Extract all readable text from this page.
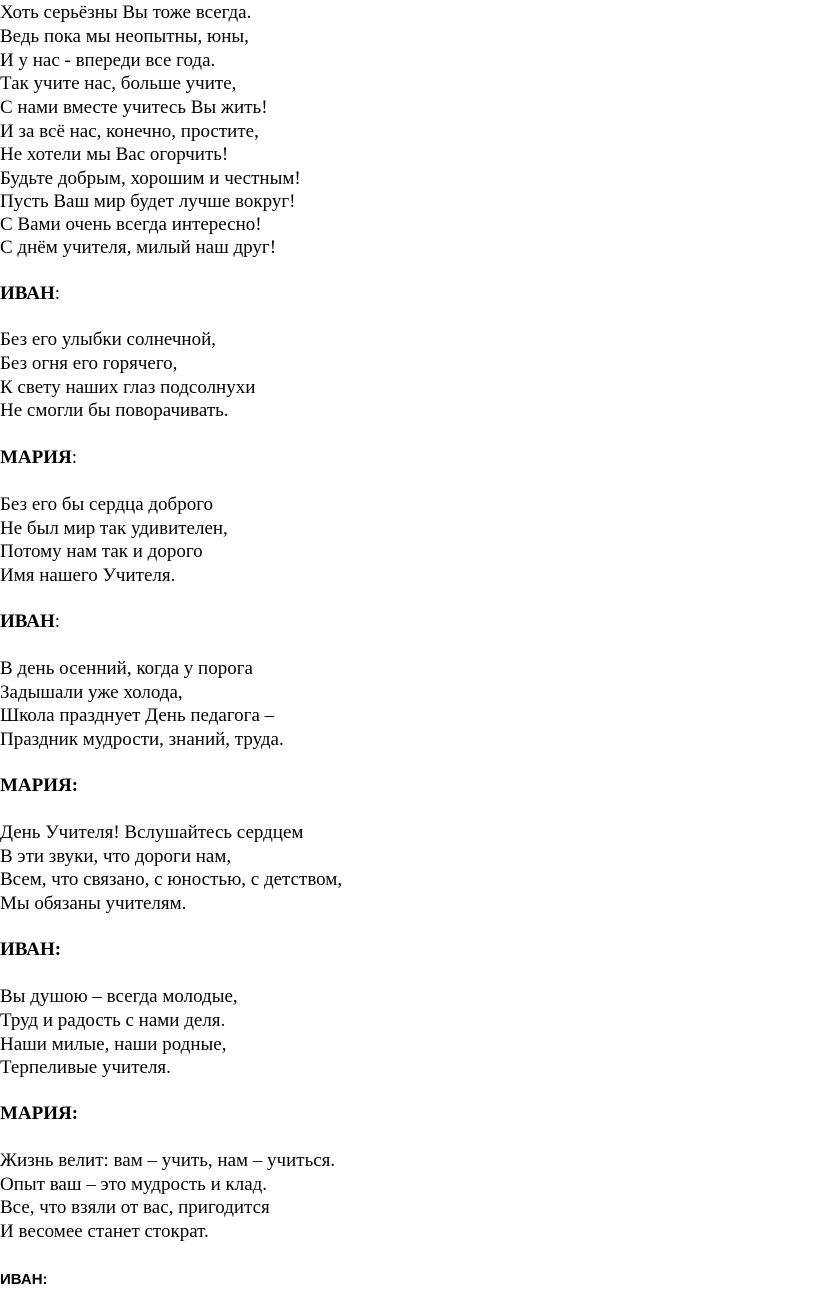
Хоть серьёзны Вы тоже всегда.
Ведь пока мы неопытны, юны,
И у нас - впереди все года.
Так учите нас, больше учите,
С нами вместе учитесь Вы жить!
И за всё нас, конечно, простите,
Не хотели мы Вас огорчить!
Будьте добрым, хорошим и честным!
Пусть Ваш мир будет лучше вокруг!
С Вами очень всегда интересно!
С днём учителя, милый наш друг!
ИВАН:
Без его улыбки солнечной,
Без огня его горячего,
К свету наших глаз подсолнухи
Не смогли бы поворачивать.
МАРИЯ:
Без его бы сердца доброго
Не был мир так удивителен,
Потому нам так и дорого
Имя нашего Учителя.
ИВАН:
В день осенний, когда у порога
Задышали уже холода,
Школа празднует День педагога –
Праздник мудрости, знаний, труда.
МАРИЯ:
День Учителя! Вслушайтесь сердцем
В эти звуки, что дороги нам,
Всем, что связано, с юностью, с детством,
Мы обязаны учителям.
ИВАН:
Вы душою – всегда молодые,
Труд и радость с нами деля.
Наши милые, наши родные,
Терпеливые учителя.
МАРИЯ:
Жизнь велит: вам – учить, нам – учиться.
Опыт ваш – это мудрость и клад.
Все, что взяли от вас, пригодится
И весомее станет стократ.
ИВАН:
